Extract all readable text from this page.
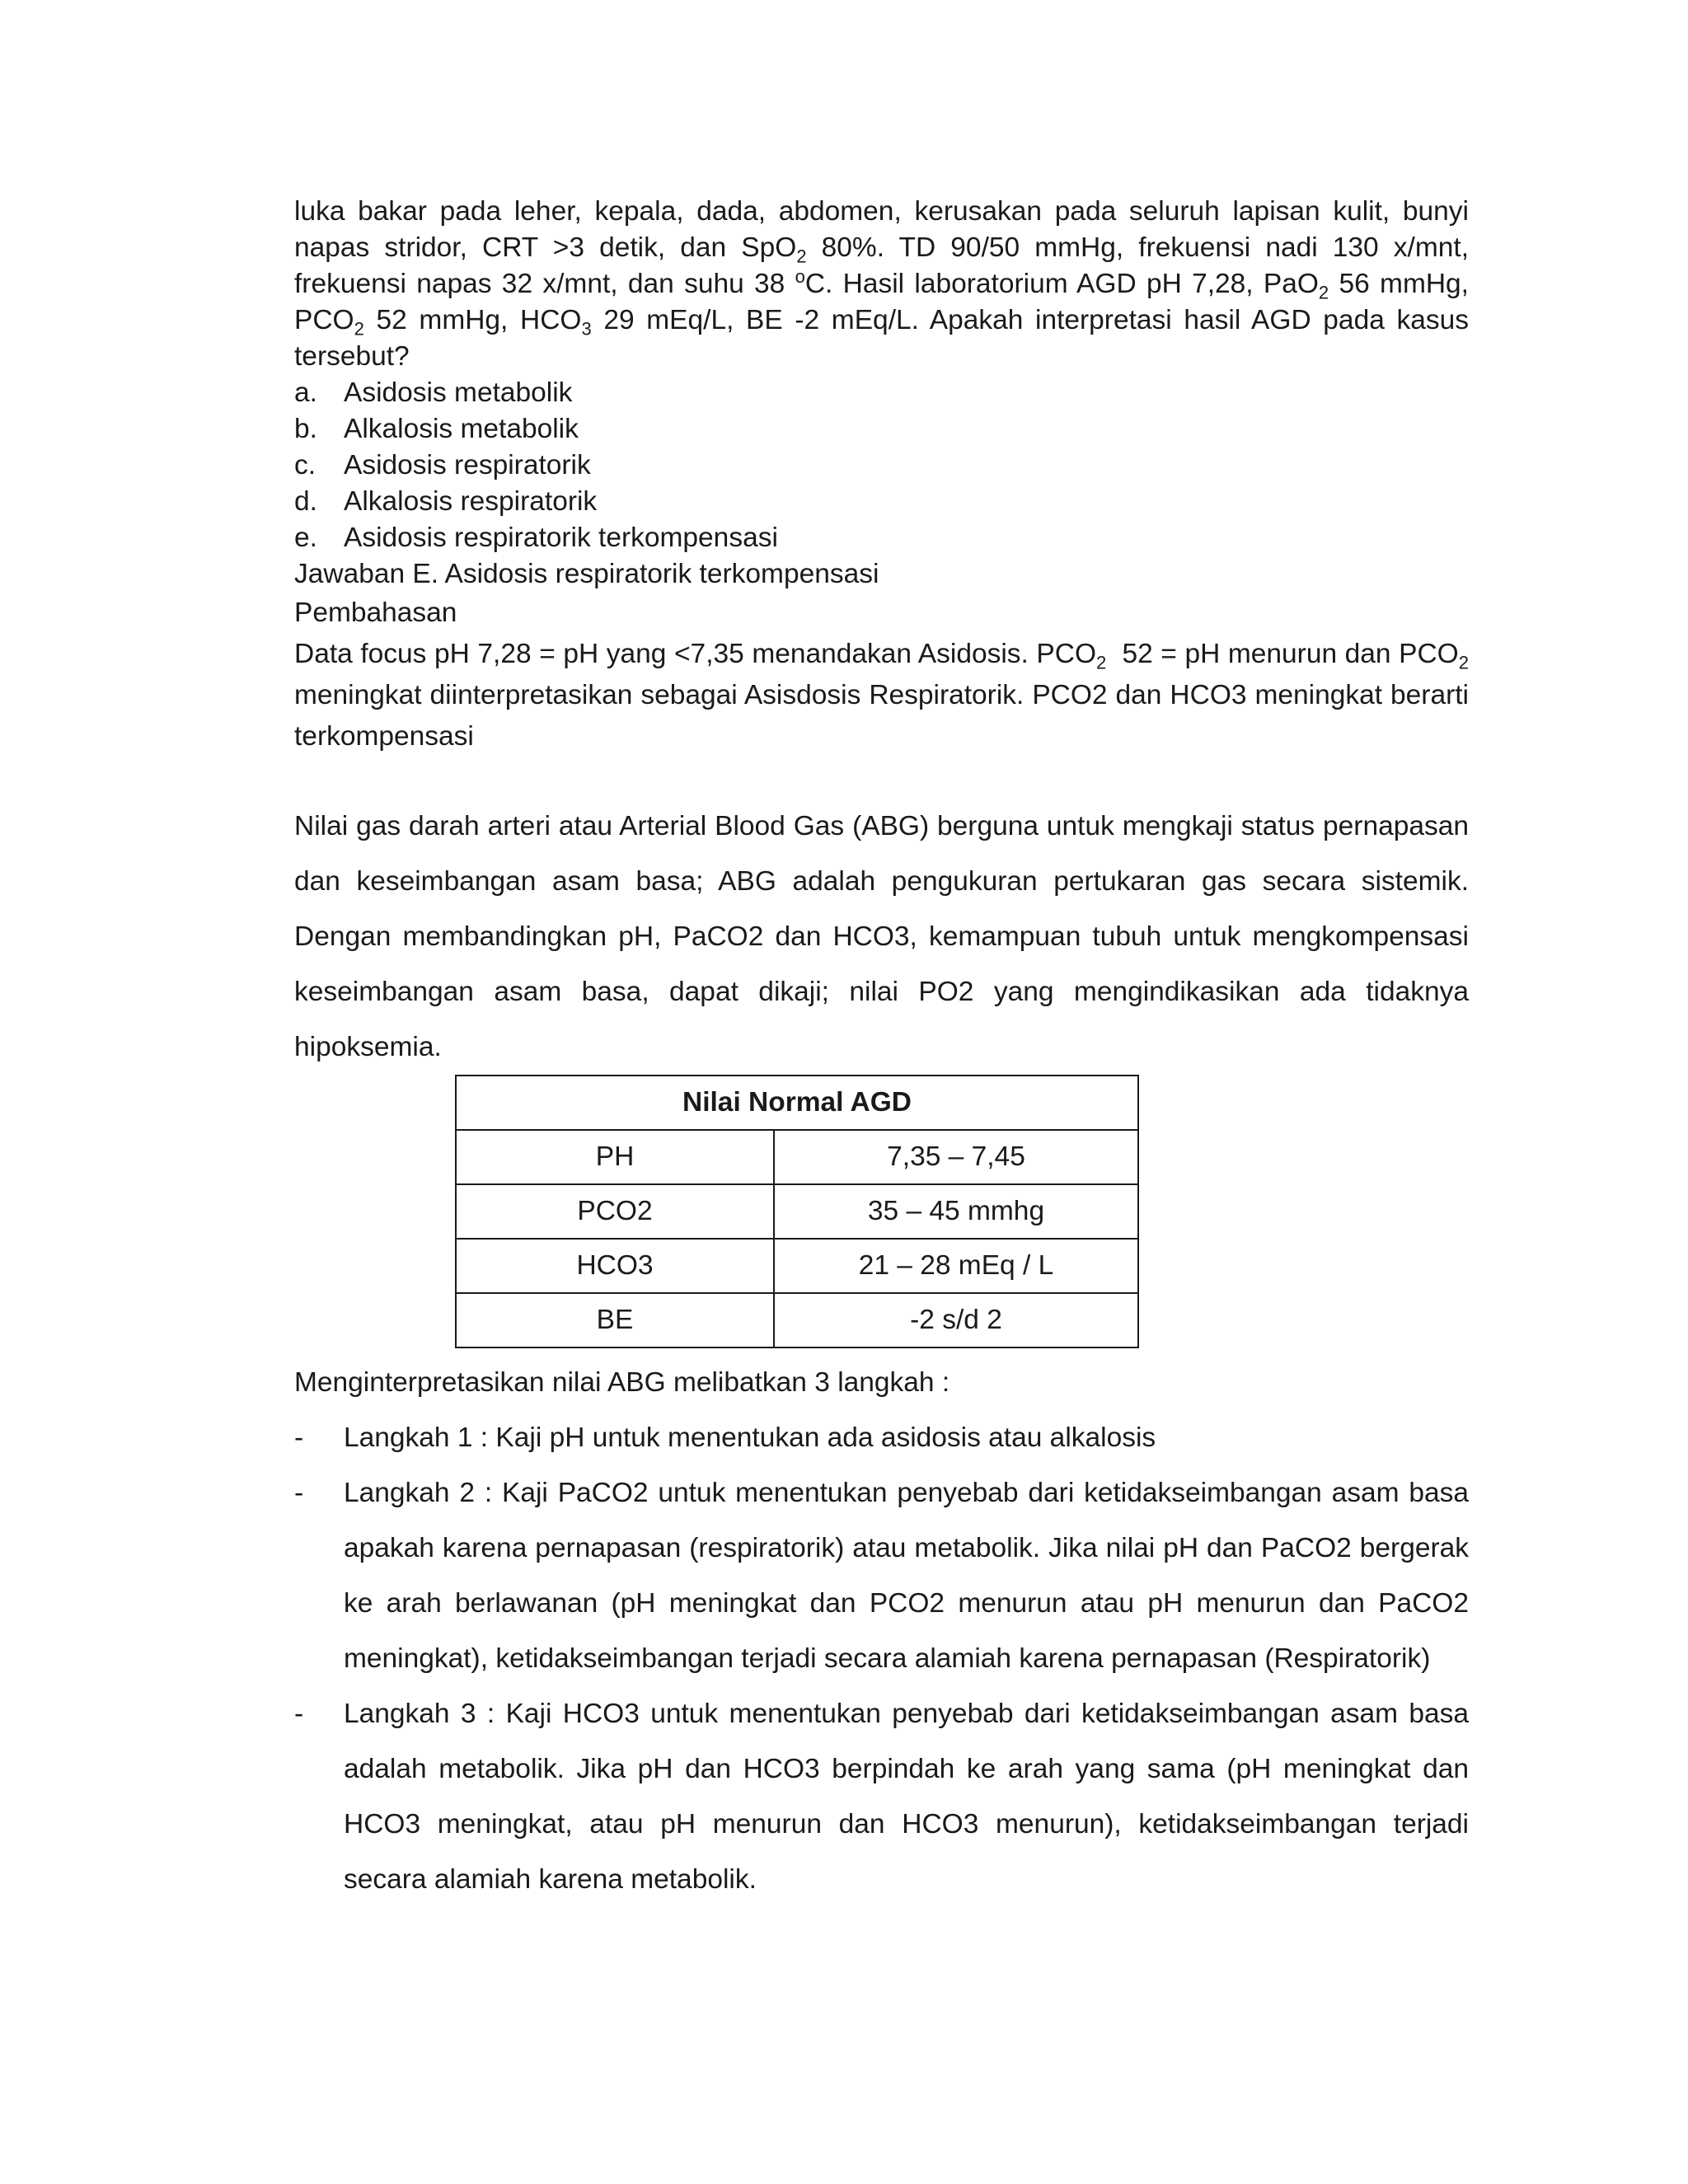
luka bakar pada leher, kepala, dada, abdomen, kerusakan pada seluruh lapisan kulit, bunyi napas stridor, CRT >3 detik, dan SpO$_2$ 80%. TD 90/50 mmHg, frekuensi nadi 130 x/mnt, frekuensi napas 32 x/mnt, dan suhu 38 $^o$C. Hasil laboratorium AGD pH 7,28, PaO$_2$ 56 mmHg, $PCO_2$ 52 mmHg, $HCO_3$ 29 mEq/L, BE -2 mEq/L. Apakah interpretasi hasil AGD pada kasus tersebut?

a. Asidosis metabolik
b. Alkalosis metabolik
c.	Asidosis respiratorik
d. Alkalosis respiratorik
e. Asidosis respiratorik terkompensasi

Jawaban E. Asidosis respiratorik terkompensasi

Pembahasan

Data focus pH 7,28 = pH yang <7,35 menandakan Asidosis. $PCO_2$  52 = pH menurun dan $PCO_2$ meningkat diinterpretasikan sebagai Asisdosis Respiratorik. PCO2 dan HCO3 meningkat berarti terkompensasi

Nilai gas darah arteri atau Arterial Blood Gas (ABG) berguna untuk mengkaji status pernapasan dan keseimbangan asam basa; ABG adalah pengukuran pertukaran gas secara sistemik. Dengan membandingkan pH, PaCO2 dan HCO3, kemampuan tubuh untuk mengkompensasi keseimbangan asam basa, dapat dikaji; nilai PO2 yang mengindikasikan ada tidaknya hipoksemia.

Nilai Normal AGD	
PH	7,35 – 7,45
PCO2	35 – 45 mmhg
HCO3	21 – 28 mEq / L
BE	-2 s/d 2

Menginterpretasikan nilai ABG melibatkan 3 langkah :

-	Langkah 1 : Kaji pH untuk menentukan ada asidosis atau alkalosis
-	Langkah 2 : Kaji PaCO2 untuk menentukan penyebab dari ketidakseimbangan asam basa apakah karena pernapasan (respiratorik) atau metabolik. Jika nilai pH dan PaCO2 bergerak ke arah berlawanan (pH meningkat dan PCO2 menurun atau pH menurun dan PaCO2 meningkat), ketidakseimbangan terjadi secara alamiah karena pernapasan (Respiratorik)
-	Langkah 3 : Kaji HCO3 untuk menentukan penyebab dari ketidakseimbangan asam basa adalah metabolik. Jika pH dan HCO3 berpindah ke arah yang sama (pH meningkat dan HCO3 meningkat, atau pH menurun dan HCO3 menurun), ketidakseimbangan terjadi secara alamiah karena metabolik.
